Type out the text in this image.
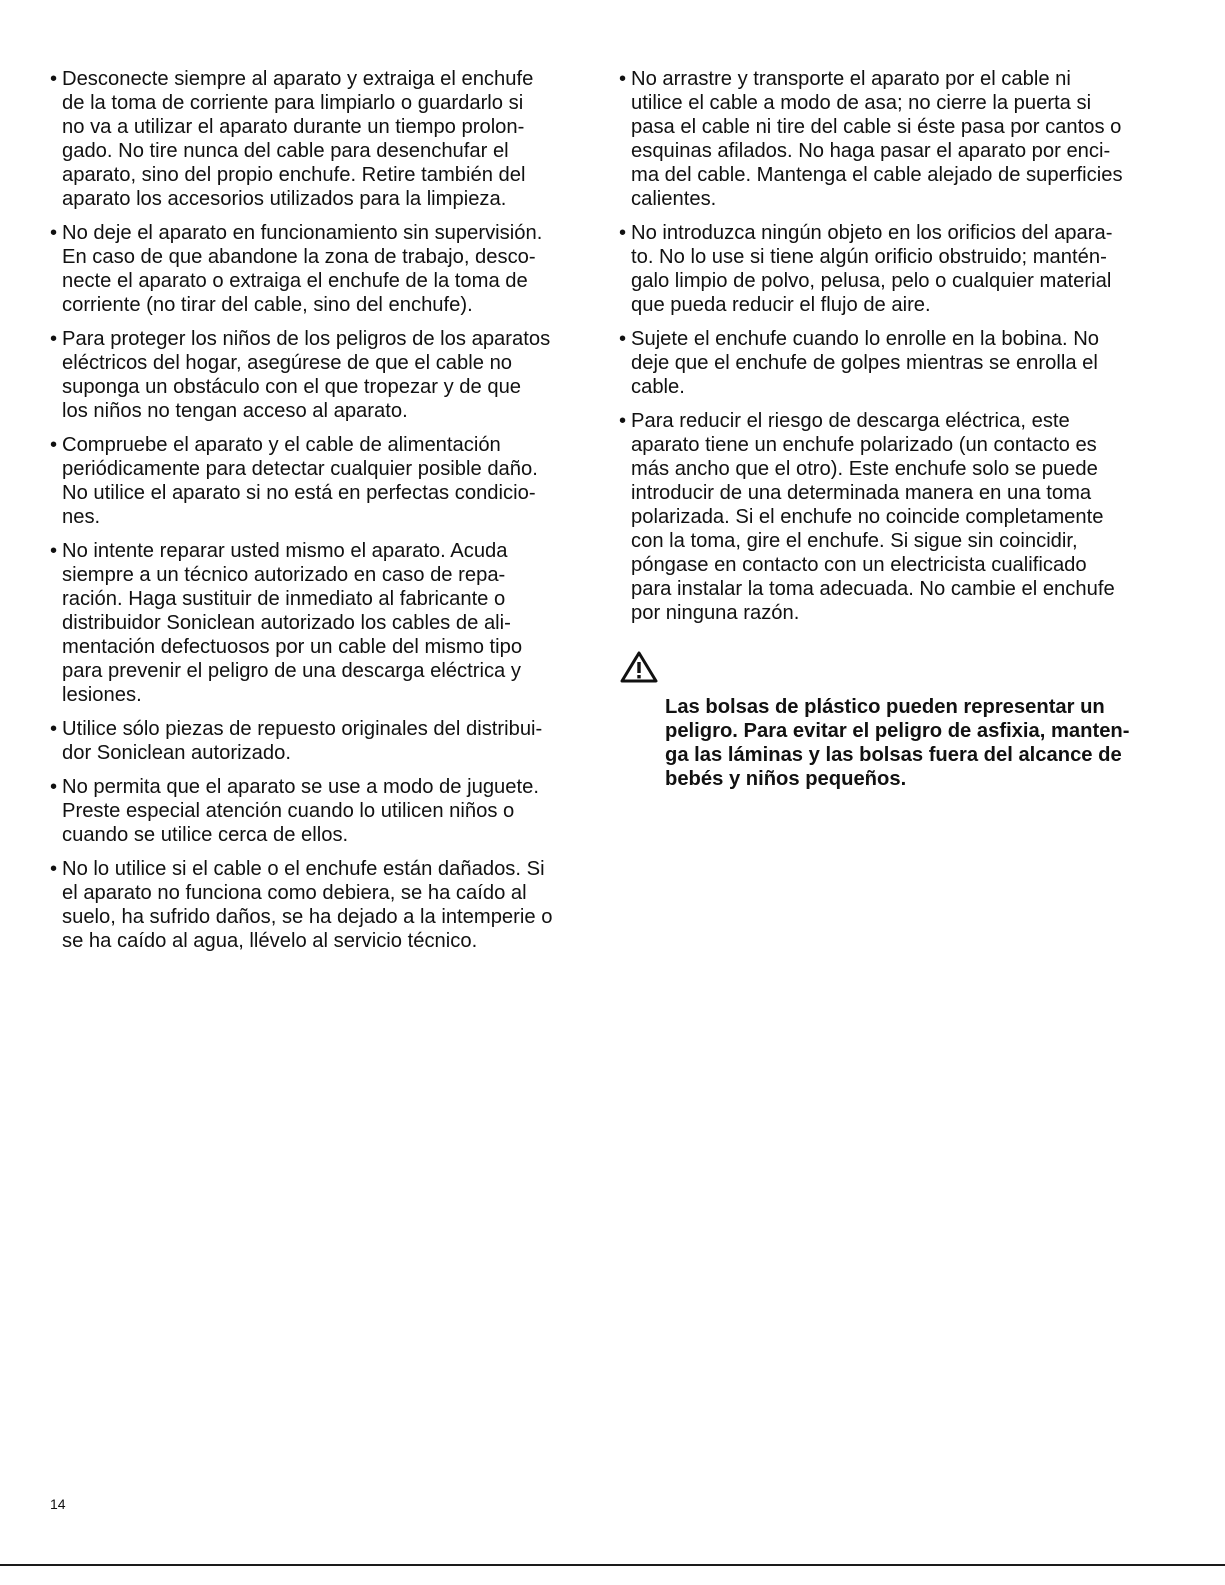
• Desconecte siempre al aparato y extraiga el enchufe
de la toma de corriente para limpiarlo o guardarlo si
no va a utilizar el aparato durante un tiempo prolon-
gado. No tire nunca del cable para desenchufar el
aparato, sino del propio enchufe. Retire también del
aparato los accesorios utilizados para la limpieza.
• No deje el aparato en funcionamiento sin supervisión.
En caso de que abandone la zona de trabajo, desco-
necte el aparato o extraiga el enchufe de la toma de
corriente (no tirar del cable, sino del enchufe).
• Para proteger los niños de los peligros de los aparatos
eléctricos del hogar, asegúrese de que el cable no
suponga un obstáculo con el que tropezar y de que
los niños no tengan acceso al aparato.
• Compruebe el aparato y el cable de alimentación
periódicamente para detectar cualquier posible daño.
No utilice el aparato si no está en perfectas condicio-
nes.
• No intente reparar usted mismo el aparato. Acuda
siempre a un técnico autorizado en caso de repa-
ración. Haga sustituir de inmediato al fabricante o
distribuidor Soniclean autorizado los cables de ali-
mentación defectuosos por un cable del mismo tipo
para prevenir el peligro de una descarga eléctrica y
lesiones.
• Utilice sólo piezas de repuesto originales del distribui-
dor Soniclean autorizado.
• No permita que el aparato se use a modo de juguete.
Preste especial atención cuando lo utilicen niños o
cuando se utilice cerca de ellos.
• No lo utilice si el cable o el enchufe están dañados. Si
el aparato no funciona como debiera, se ha caído al
suelo, ha sufrido daños, se ha dejado a la intemperie o
se ha caído al agua, llévelo al servicio técnico.
• No arrastre y transporte el aparato por el cable ni
utilice el cable a modo de asa; no cierre la puerta si
pasa el cable ni tire del cable si éste pasa por cantos o
esquinas afilados. No haga pasar el aparato por enci-
ma del cable. Mantenga el cable alejado de superficies
calientes.
• No introduzca ningún objeto en los orificios del apara-
to. No lo use si tiene algún orificio obstruido; mantén-
galo limpio de polvo, pelusa, pelo o cualquier material
que pueda reducir el flujo de aire.
• Sujete el enchufe cuando lo enrolle en la bobina. No
deje que el enchufe de golpes mientras se enrolla el
cable.
• Para reducir el riesgo de descarga eléctrica, este
aparato tiene un enchufe polarizado (un contacto es
más ancho que el otro). Este enchufe solo se puede
introducir de una determinada manera en una toma
polarizada. Si el enchufe no coincide completamente
con la toma, gire el enchufe. Si sigue sin coincidir,
póngase en contacto con un electricista cualificado
para instalar la toma adecuada. No cambie el enchufe
por ninguna razón.

Las bolsas de plástico pueden representar un
peligro. Para evitar el peligro de asfixia, manten-
ga las láminas y las bolsas fuera del alcance de
bebés y niños pequeños.

14
